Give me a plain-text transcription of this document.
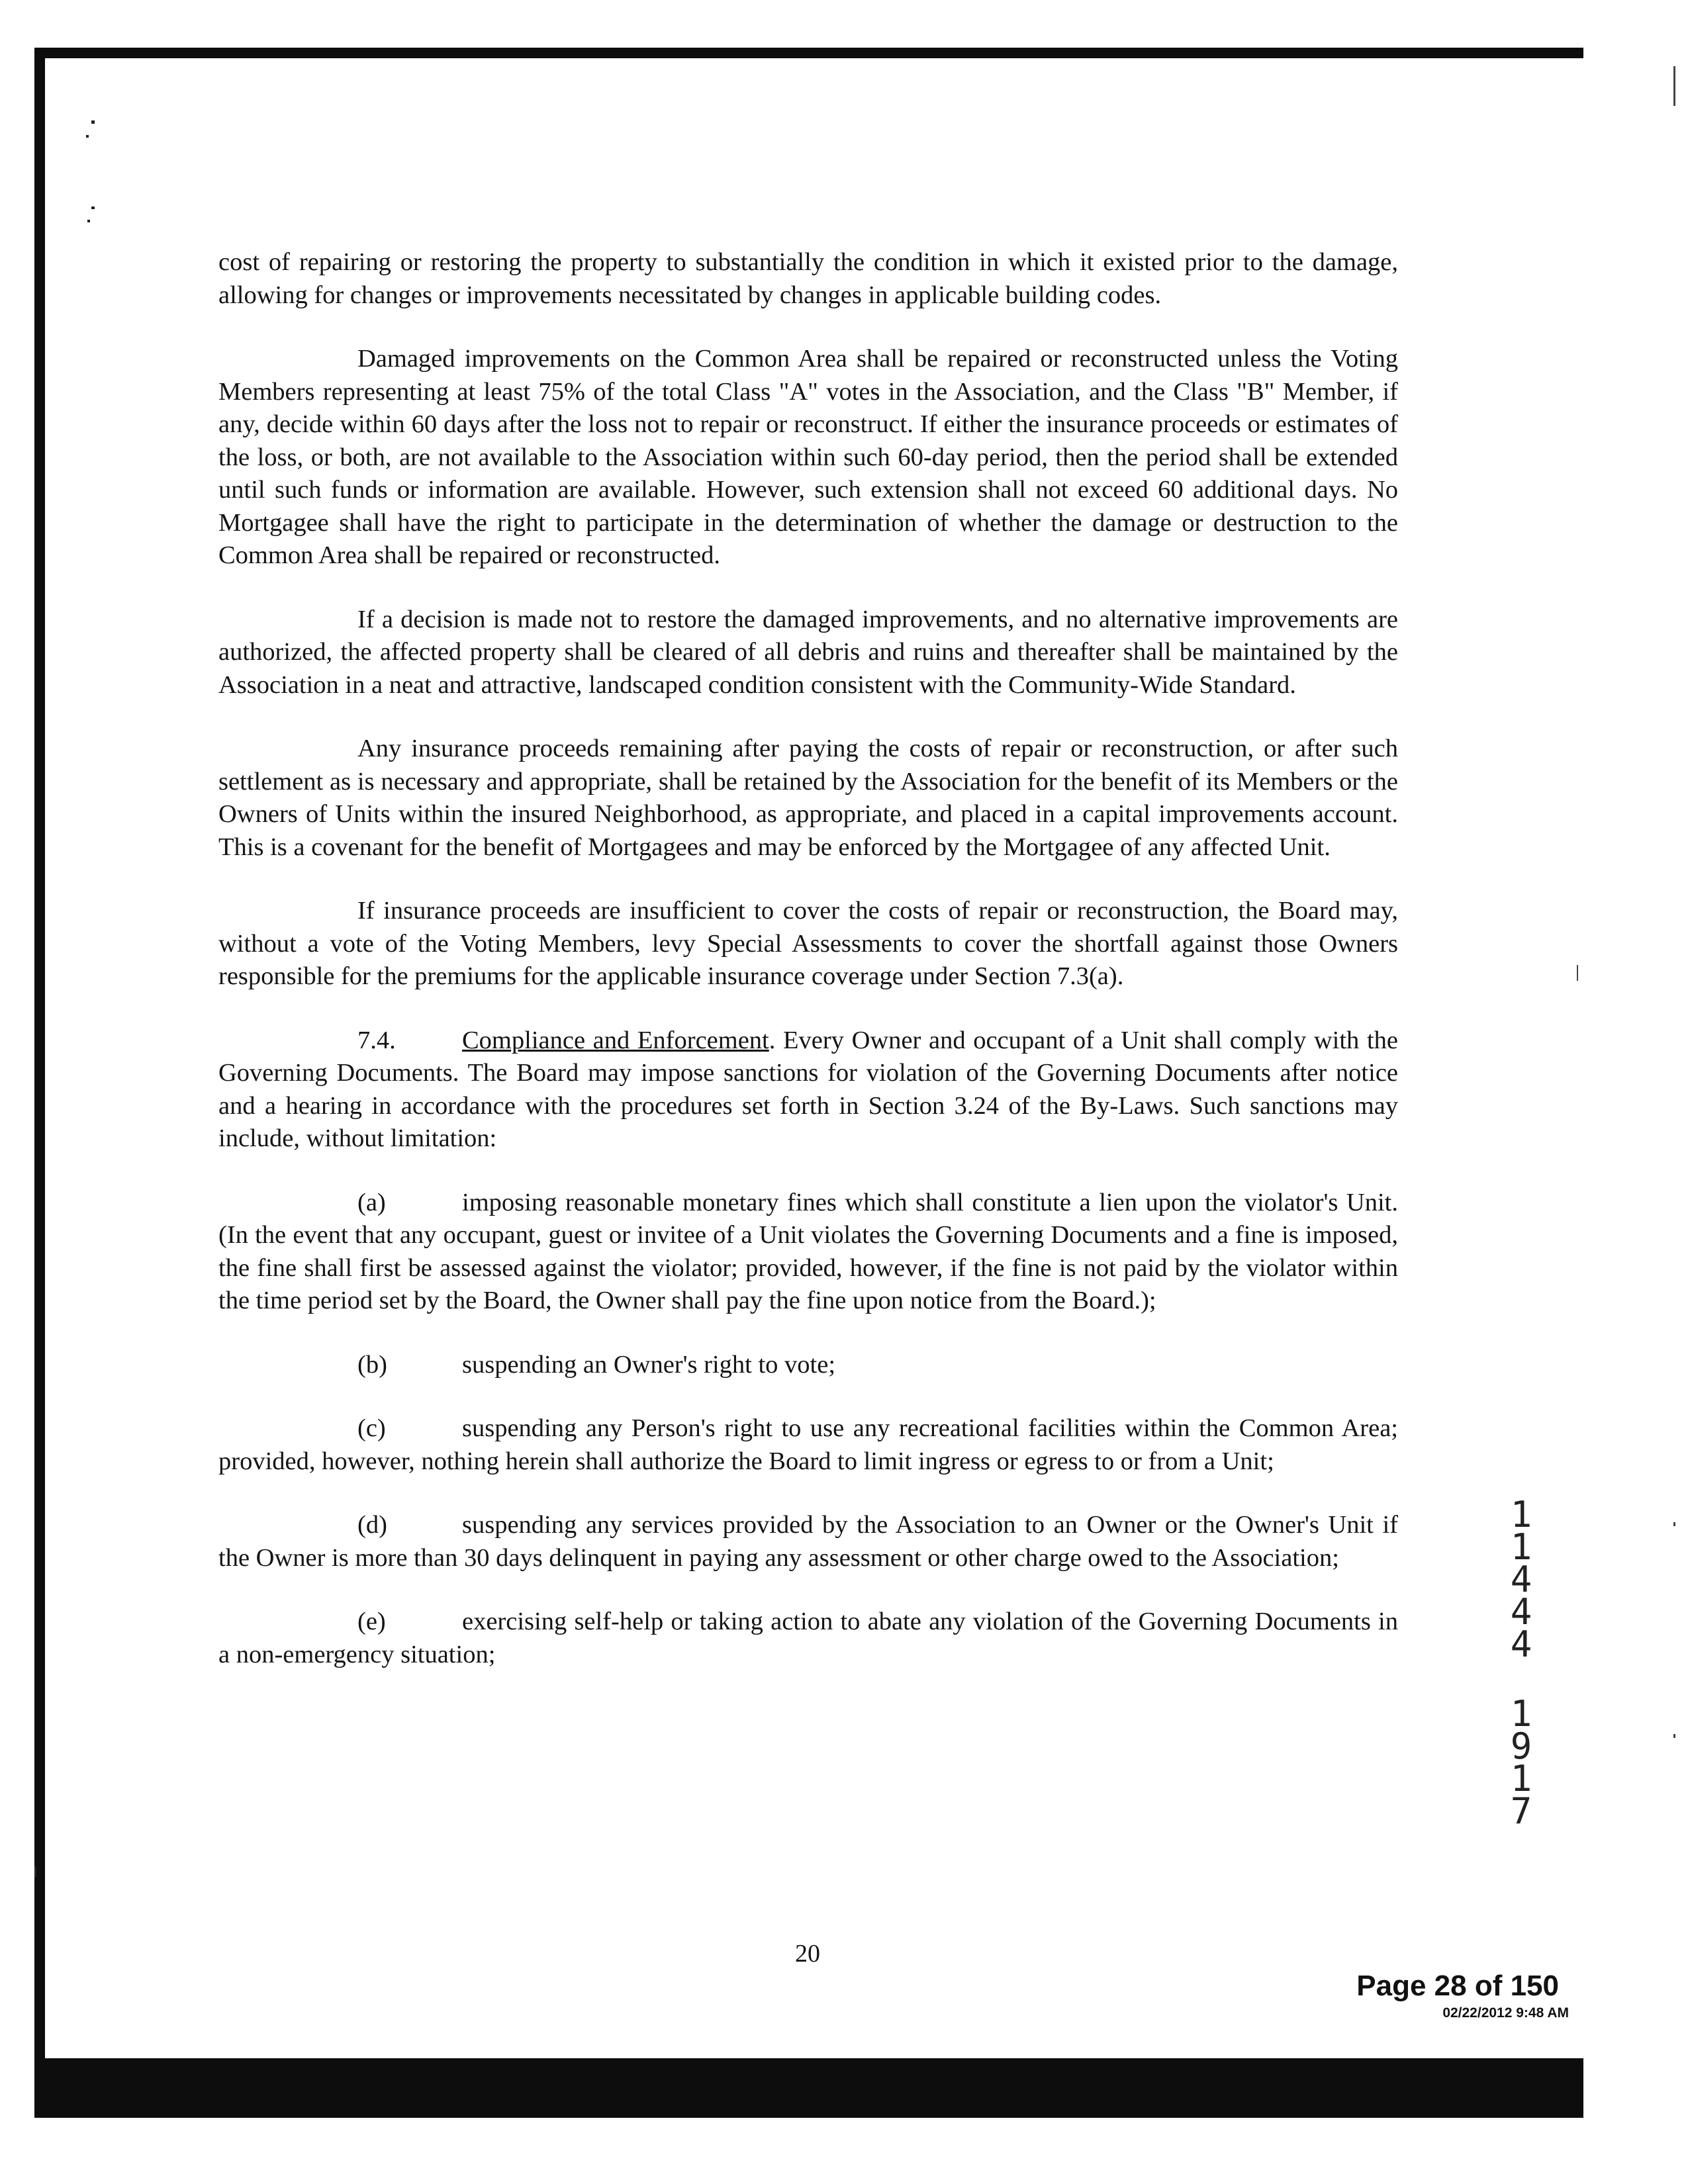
cost of repairing or restoring the property to substantially the condition in which it existed prior to the damage, allowing for changes or improvements necessitated by changes in applicable building codes.

Damaged improvements on the Common Area shall be repaired or reconstructed unless the Voting Members representing at least 75% of the total Class "A" votes in the Association, and the Class "B" Member, if any, decide within 60 days after the loss not to repair or reconstruct. If either the insurance proceeds or estimates of the loss, or both, are not available to the Association within such 60-day period, then the period shall be extended until such funds or information are available. However, such extension shall not exceed 60 additional days. No Mortgagee shall have the right to participate in the determination of whether the damage or destruction to the Common Area shall be repaired or reconstructed.

If a decision is made not to restore the damaged improvements, and no alternative improvements are authorized, the affected property shall be cleared of all debris and ruins and thereafter shall be maintained by the Association in a neat and attractive, landscaped condition consistent with the Community-Wide Standard.

Any insurance proceeds remaining after paying the costs of repair or reconstruction, or after such settlement as is necessary and appropriate, shall be retained by the Association for the benefit of its Members or the Owners of Units within the insured Neighborhood, as appropriate, and placed in a capital improvements account. This is a covenant for the benefit of Mortgagees and may be enforced by the Mortgagee of any affected Unit.

If insurance proceeds are insufficient to cover the costs of repair or reconstruction, the Board may, without a vote of the Voting Members, levy Special Assessments to cover the shortfall against those Owners responsible for the premiums for the applicable insurance coverage under Section 7.3(a).

7.4.	Compliance and Enforcement. Every Owner and occupant of a Unit shall comply with the Governing Documents. The Board may impose sanctions for violation of the Governing Documents after notice and a hearing in accordance with the procedures set forth in Section 3.24 of the By-Laws. Such sanctions may include, without limitation:

(a)	imposing reasonable monetary fines which shall constitute a lien upon the violator's Unit. (In the event that any occupant, guest or invitee of a Unit violates the Governing Documents and a fine is imposed, the fine shall first be assessed against the violator; provided, however, if the fine is not paid by the violator within the time period set by the Board, the Owner shall pay the fine upon notice from the Board.);

(b)	suspending an Owner's right to vote;

(c)	suspending any Person's right to use any recreational facilities within the Common Area; provided, however, nothing herein shall authorize the Board to limit ingress or egress to or from a Unit;

(d)	suspending any services provided by the Association to an Owner or the Owner's Unit if the Owner is more than 30 days delinquent in paying any assessment or other charge owed to the Association;

(e)	exercising self-help or taking action to abate any violation of the Governing Documents in a non-emergency situation;

20
1
1
4
4
4
1
9
1
7
Page 28 of 150
02/22/2012 9:48 AM
